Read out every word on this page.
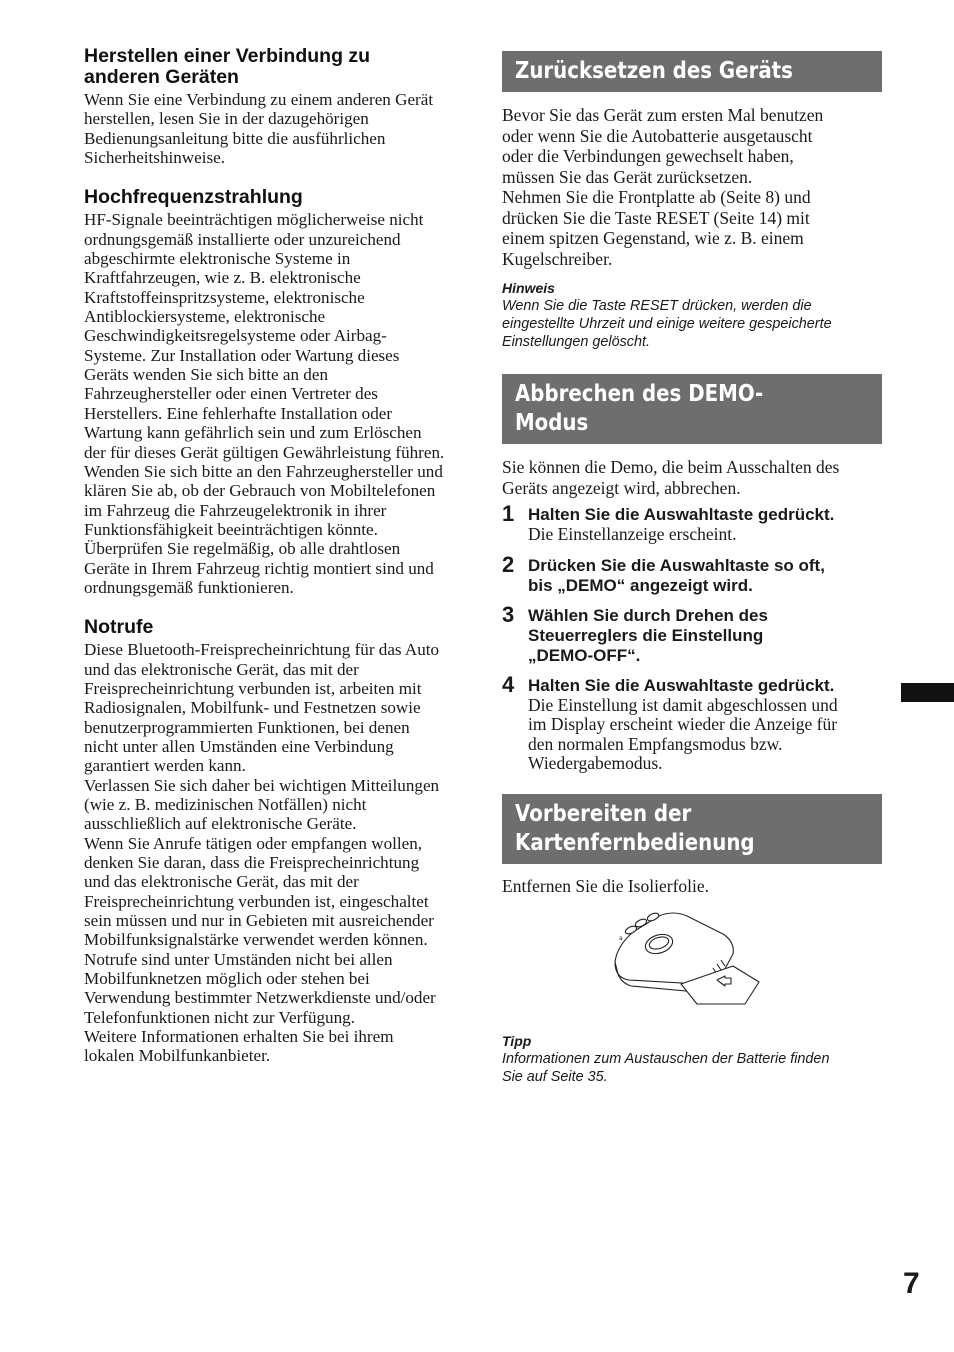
Herstellen einer Verbindung zu
anderen Geräten

Wenn Sie eine Verbindung zu einem anderen Gerät
herstellen, lesen Sie in der dazugehörigen
Bedienungsanleitung bitte die ausführlichen
Sicherheitshinweise.

Hochfrequenzstrahlung

HF-Signale beeinträchtigen möglicherweise nicht
ordnungsgemäß installierte oder unzureichend
abgeschirmte elektronische Systeme in
Kraftfahrzeugen, wie z. B. elektronische
Kraftstoffeinspritzsysteme, elektronische
Antiblockiersysteme, elektronische
Geschwindigkeitsregelsysteme oder Airbag-
Systeme. Zur Installation oder Wartung dieses
Geräts wenden Sie sich bitte an den
Fahrzeughersteller oder einen Vertreter des
Herstellers. Eine fehlerhafte Installation oder
Wartung kann gefährlich sein und zum Erlöschen
der für dieses Gerät gültigen Gewährleistung führen.
Wenden Sie sich bitte an den Fahrzeughersteller und
klären Sie ab, ob der Gebrauch von Mobiltelefonen
im Fahrzeug die Fahrzeugelektronik in ihrer
Funktionsfähigkeit beeinträchtigen könnte.
Überprüfen Sie regelmäßig, ob alle drahtlosen
Geräte in Ihrem Fahrzeug richtig montiert sind und
ordnungsgemäß funktionieren.

Notrufe

Diese Bluetooth-Freisprecheinrichtung für das Auto
und das elektronische Gerät, das mit der
Freisprecheinrichtung verbunden ist, arbeiten mit
Radiosignalen, Mobilfunk- und Festnetzen sowie
benutzerprogrammierten Funktionen, bei denen
nicht unter allen Umständen eine Verbindung
garantiert werden kann.
Verlassen Sie sich daher bei wichtigen Mitteilungen
(wie z. B. medizinischen Notfällen) nicht
ausschließlich auf elektronische Geräte.
Wenn Sie Anrufe tätigen oder empfangen wollen,
denken Sie daran, dass die Freisprecheinrichtung
und das elektronische Gerät, das mit der
Freisprecheinrichtung verbunden ist, eingeschaltet
sein müssen und nur in Gebieten mit ausreichender
Mobilfunksignalstärke verwendet werden können.
Notrufe sind unter Umständen nicht bei allen
Mobilfunknetzen möglich oder stehen bei
Verwendung bestimmter Netzwerkdienste und/oder
Telefonfunktionen nicht zur Verfügung.
Weitere Informationen erhalten Sie bei ihrem
lokalen Mobilfunkanbieter.

Zurücksetzen des Geräts

Bevor Sie das Gerät zum ersten Mal benutzen
oder wenn Sie die Autobatterie ausgetauscht
oder die Verbindungen gewechselt haben,
müssen Sie das Gerät zurücksetzen.
Nehmen Sie die Frontplatte ab (Seite 8) und
drücken Sie die Taste RESET (Seite 14) mit
einem spitzen Gegenstand, wie z. B. einem
Kugelschreiber.

Hinweis

Wenn Sie die Taste RESET drücken, werden die
eingestellte Uhrzeit und einige weitere gespeicherte
Einstellungen gelöscht.

Abbrechen des DEMO-Modus

Sie können die Demo, die beim Ausschalten des
Geräts angezeigt wird, abbrechen.

1 Halten Sie die Auswahltaste gedrückt.

Die Einstellanzeige erscheint.

2 Drücken Sie die Auswahltaste so oft,
bis „DEMO“ angezeigt wird.

3 Wählen Sie durch Drehen des
Steuerreglers die Einstellung
„DEMO-OFF“.

4 Halten Sie die Auswahltaste gedrückt.

Die Einstellung ist damit abgeschlossen und
im Display erscheint wieder die Anzeige für
den normalen Empfangsmodus bzw.
Wiedergabemodus.

Vorbereiten der
Kartenfernbedienung

Entfernen Sie die Isolierfolie.

a

Tipp

Informationen zum Austauschen der Batterie finden
Sie auf Seite 35.

7
